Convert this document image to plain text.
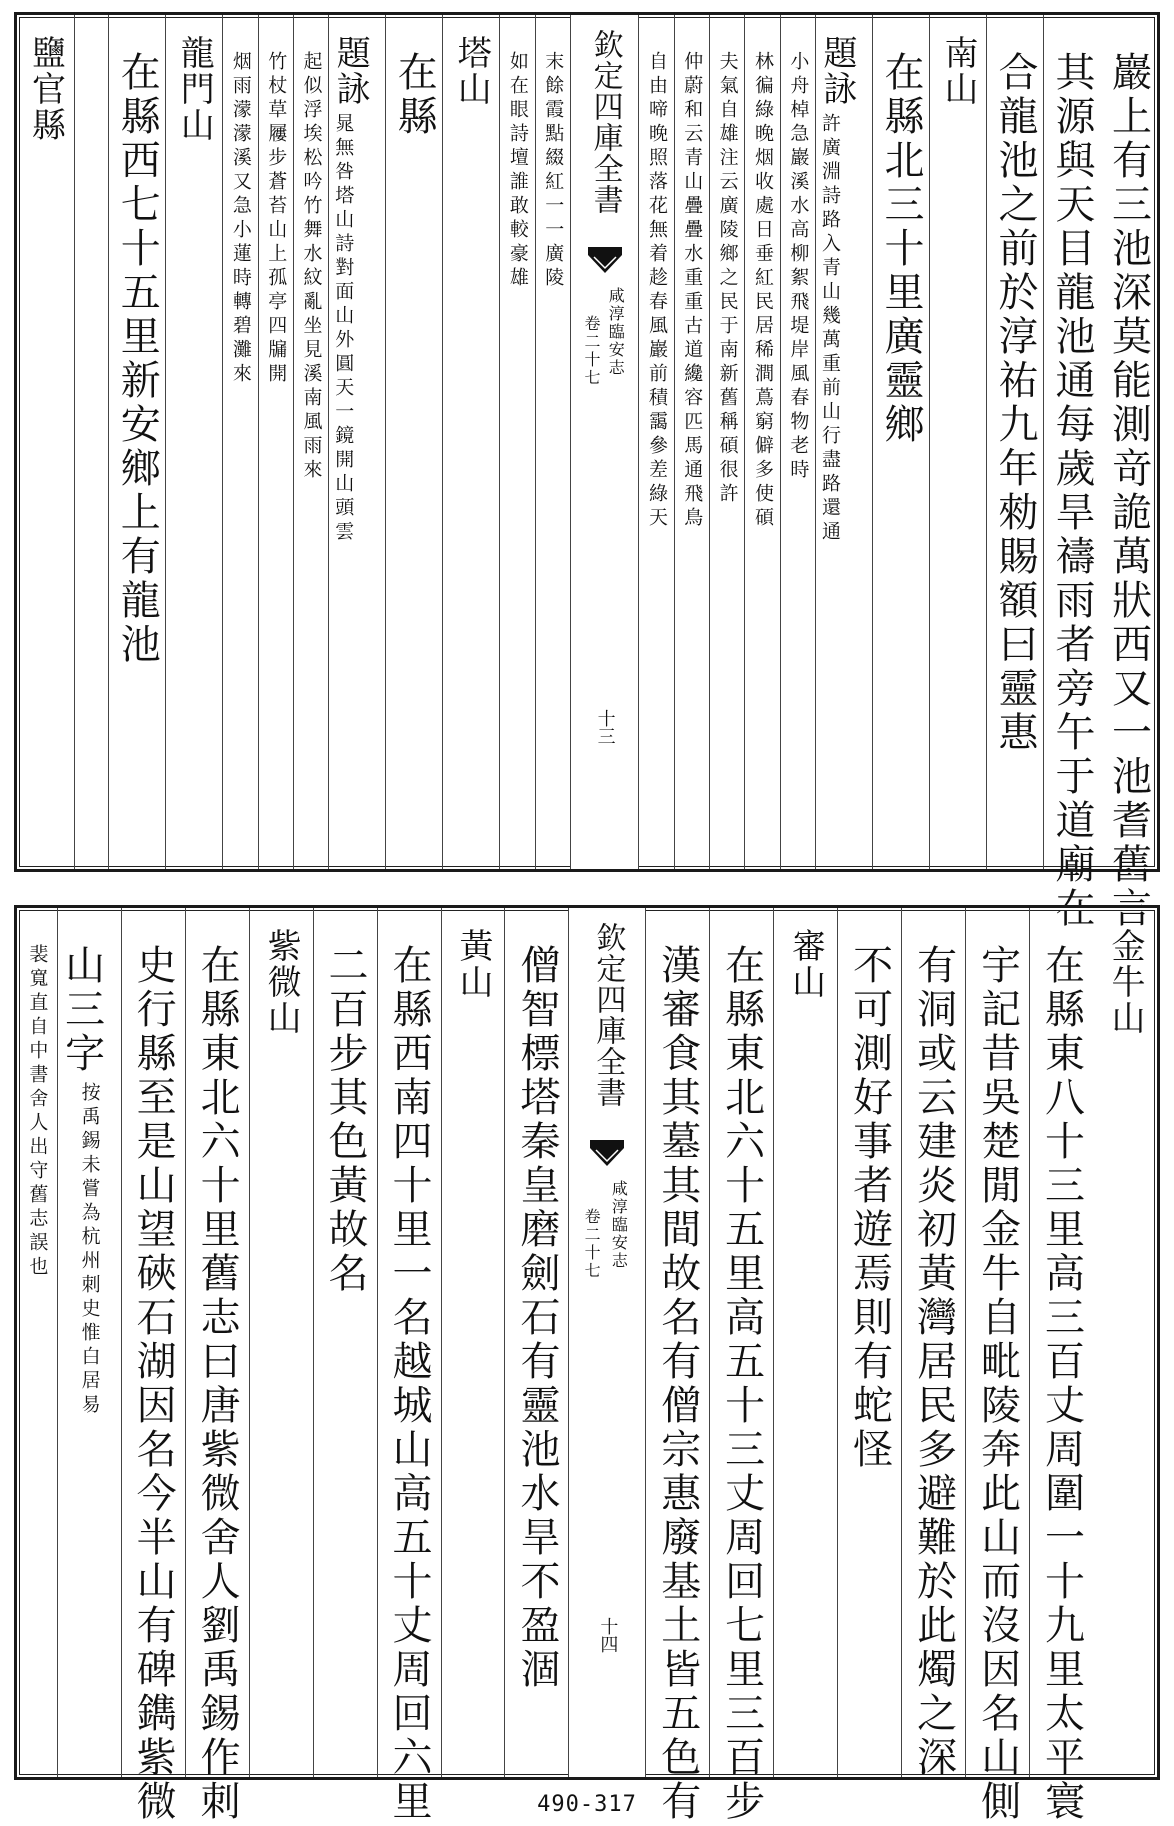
巖上有三池深莫能測竒詭萬狀西又一池耆舊言
其源與天目龍池通每歲旱禱雨者旁午于道廟在
合龍池之前於淳祐九年勑賜額曰靈惠
南山
在縣北三十里廣靈鄉
題詠
許廣淵詩路入青山幾萬重前山行盡路還通
小舟棹急巖溪水高柳絮飛堤岸風春物老時
林徧綠晚烟收處日垂紅民居稀澗蔦窮僻多使碩
夫氣自雄注云廣陵鄉之民于南新舊稱碩很許
仲蔚和云青山疊疊水重重古道纔容匹馬通飛鳥
自由啼晚照落花無着趁春風巖前積靄參差綠天
欽定四庫全書
咸淳臨安志
卷二十七
十三
末餘霞點綴紅一一廣陵
如在眼詩壇誰敢較豪雄
塔山
在縣
題詠
晁無咎塔山詩對面山外圓天一鏡開山頭雲
起似浮埃松吟竹舞水紋亂坐見溪南風雨來
竹杖草屨步蒼苔山上孤亭四牖開
烟雨濛濛溪又急小蓮時轉碧灘來
龍門山
在縣西七十五里新安鄉上有龍池
鹽官縣
金牛山
在縣東八十三里高三百丈周圍一十九里太平寰
宇記昔吳楚閒金牛自毗陵奔此山而沒因名山側
有洞或云建炎初黃灣居民多避難於此燭之深
不可測好事者遊焉則有蛇怪
審山
在縣東北六十五里高五十三丈周回七里三百步
漢審食其墓其間故名有僧宗惠廢基土皆五色有
欽定四庫全書
咸淳臨安志
卷二十七
十四
僧智標塔秦皇磨劍石有靈池水旱不盈涸
黃山
在縣西南四十里一名越城山高五十丈周回六里
二百步其色黃故名
紫微山
在縣東北六十里舊志曰唐紫微舍人劉禹錫作刺
史行縣至是山望硤石湖因名今半山有碑鐫紫微
山三字
按禹錫未嘗為杭州刺史惟白居易
裴寬直自中書舍人出守舊志誤也
490-317
